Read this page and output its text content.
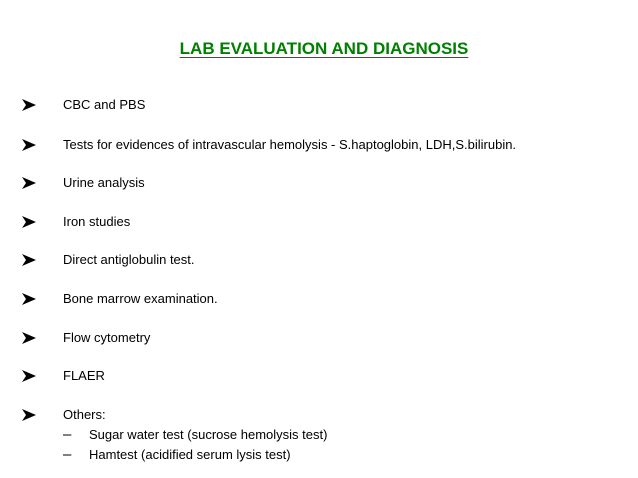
LAB EVALUATION AND DIAGNOSIS
CBC and PBS
Tests for evidences of intravascular hemolysis - S.haptoglobin, LDH,S.bilirubin.
Urine analysis
Iron studies
Direct antiglobulin test.
Bone marrow examination.
Flow cytometry
FLAER
Others:
– Sugar water test (sucrose hemolysis test)
– Hamtest (acidified serum lysis test)
